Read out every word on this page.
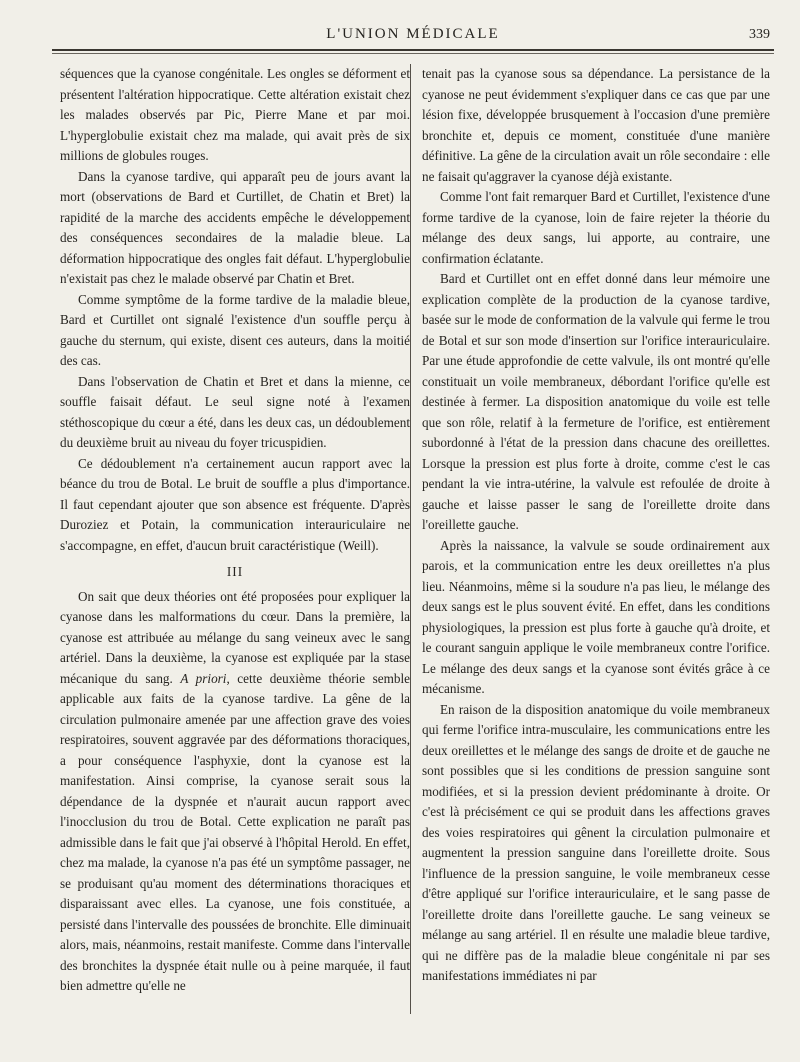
L'UNION MÉDICALE	339

séquences que la cyanose congénitale. Les ongles se déforment et présentent l'altération hippocratique. Cette altération existait chez les malades observés par Pic, Pierre Mane et par moi. L'hyperglobulie existait chez ma malade, qui avait près de six millions de globules rouges.

Dans la cyanose tardive, qui apparaît peu de jours avant la mort (observations de Bard et Curtillet, de Chatin et Bret) la rapidité de la marche des accidents empêche le développement des conséquences secondaires de la maladie bleue. La déformation hippocratique des ongles fait défaut. L'hyperglobulie n'existait pas chez le malade observé par Chatin et Bret.

Comme symptôme de la forme tardive de la maladie bleue, Bard et Curtillet ont signalé l'existence d'un souffle perçu à gauche du sternum, qui existe, disent ces auteurs, dans la moitié des cas.

Dans l'observation de Chatin et Bret et dans la mienne, ce souffle faisait défaut. Le seul signe noté à l'examen stéthoscopique du cœur a été, dans les deux cas, un dédoublement du deuxième bruit au niveau du foyer tricuspidien.

Ce dédoublement n'a certainement aucun rapport avec la béance du trou de Botal. Le bruit de souffle a plus d'importance. Il faut cependant ajouter que son absence est fréquente. D'après Duroziez et Potain, la communication interauriculaire ne s'accompagne, en effet, d'aucun bruit caractéristique (Weill).

III

On sait que deux théories ont été proposées pour expliquer la cyanose dans les malformations du cœur. Dans la première, la cyanose est attribuée au mélange du sang veineux avec le sang artériel. Dans la deuxième, la cyanose est expliquée par la stase mécanique du sang. A priori, cette deuxième théorie semble applicable aux faits de la cyanose tardive. La gêne de la circulation pulmonaire amenée par une affection grave des voies respiratoires, souvent aggravée par des déformations thoraciques, a pour conséquence l'asphyxie, dont la cyanose est la manifestation. Ainsi comprise, la cyanose serait sous la dépendance de la dyspnée et n'aurait aucun rapport avec l'inocclusion du trou de Botal. Cette explication ne paraît pas admissible dans le fait que j'ai observé à l'hôpital Herold. En effet, chez ma malade, la cyanose n'a pas été un symptôme passager, ne se produisant qu'au moment des déterminations thoraciques et disparaissant avec elles. La cyanose, une fois constituée, a persisté dans l'intervalle des poussées de bronchite. Elle diminuait alors, mais, néanmoins, restait manifeste. Comme dans l'intervalle des bronchites la dyspnée était nulle ou à peine marquée, il faut bien admettre qu'elle ne

tenait pas la cyanose sous sa dépendance. La persistance de la cyanose ne peut évidemment s'expliquer dans ce cas que par une lésion fixe, développée brusquement à l'occasion d'une première bronchite et, depuis ce moment, constituée d'une manière définitive. La gêne de la circulation avait un rôle secondaire : elle ne faisait qu'aggraver la cyanose déjà existante.

Comme l'ont fait remarquer Bard et Curtillet, l'existence d'une forme tardive de la cyanose, loin de faire rejeter la théorie du mélange des deux sangs, lui apporte, au contraire, une confirmation éclatante.

Bard et Curtillet ont en effet donné dans leur mémoire une explication complète de la production de la cyanose tardive, basée sur le mode de conformation de la valvule qui ferme le trou de Botal et sur son mode d'insertion sur l'orifice interauriculaire. Par une étude approfondie de cette valvule, ils ont montré qu'elle constituait un voile membraneux, débordant l'orifice qu'elle est destinée à fermer. La disposition anatomique du voile est telle que son rôle, relatif à la fermeture de l'orifice, est entièrement subordonné à l'état de la pression dans chacune des oreillettes. Lorsque la pression est plus forte à droite, comme c'est le cas pendant la vie intra-utérine, la valvule est refoulée de droite à gauche et laisse passer le sang de l'oreillette droite dans l'oreillette gauche.

Après la naissance, la valvule se soude ordinairement aux parois, et la communication entre les deux oreillettes n'a plus lieu. Néanmoins, même si la soudure n'a pas lieu, le mélange des deux sangs est le plus souvent évité. En effet, dans les conditions physiologiques, la pression est plus forte à gauche qu'à droite, et le courant sanguin applique le voile membraneux contre l'orifice. Le mélange des deux sangs et la cyanose sont évités grâce à ce mécanisme.

En raison de la disposition anatomique du voile membraneux qui ferme l'orifice intra-musculaire, les communications entre les deux oreillettes et le mélange des sangs de droite et de gauche ne sont possibles que si les conditions de pression sanguine sont modifiées, et si la pression devient prédominante à droite. Or c'est là précisément ce qui se produit dans les affections graves des voies respiratoires qui gênent la circulation pulmonaire et augmentent la pression sanguine dans l'oreillette droite. Sous l'influence de la pression sanguine, le voile membraneux cesse d'être appliqué sur l'orifice interauriculaire, et le sang passe de l'oreillette droite dans l'oreillette gauche. Le sang veineux se mélange au sang artériel. Il en résulte une maladie bleue tardive, qui ne diffère pas de la maladie bleue congénitale ni par ses manifestations immédiates ni par
